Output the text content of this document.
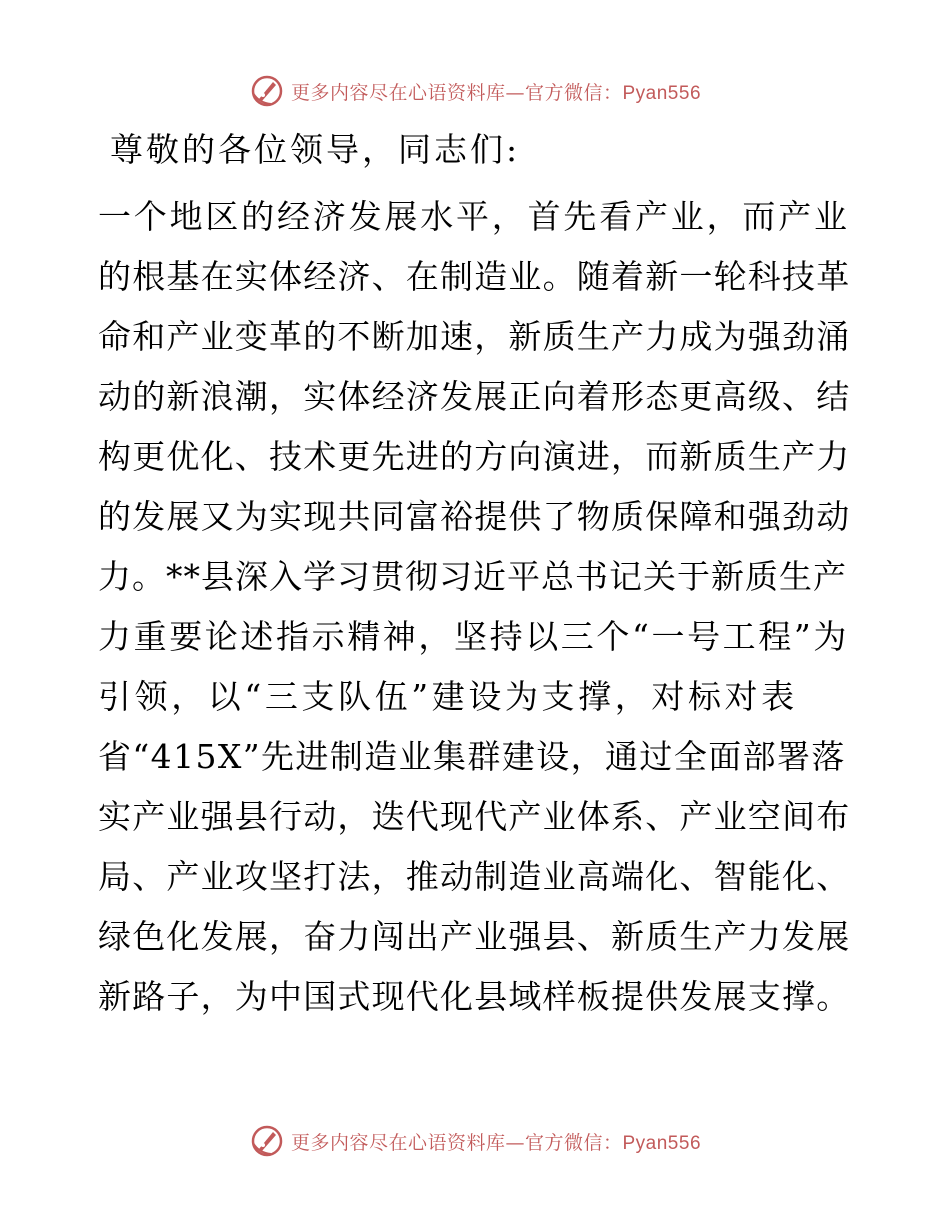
更多内容尽在心语资料库—官方微信：Pyan556
尊敬的各位领导，同志们:
一个地区的经济发展水平，首先看产业，而产业
的根基在实体经济、在制造业。随着新一轮科技革
命和产业变革的不断加速，新质生产力成为强劲涌
动的新浪潮，实体经济发展正向着形态更高级、结
构更优化、技术更先进的方向演进，而新质生产力
的发展又为实现共同富裕提供了物质保障和强劲动
力。**县深入学习贯彻习近平总书记关于新质生产
力重要论述指示精神，坚持以三个“一号工程”为
引领，以“三支队伍”建设为支撑，对标对表
省“415X”先进制造业集群建设，通过全面部署落
实产业强县行动，迭代现代产业体系、产业空间布
局、产业攻坚打法，推动制造业高端化、智能化、
绿色化发展，奋力闯出产业强县、新质生产力发展
新路子，为中国式现代化县域样板提供发展支撑。
更多内容尽在心语资料库—官方微信：Pyan556
